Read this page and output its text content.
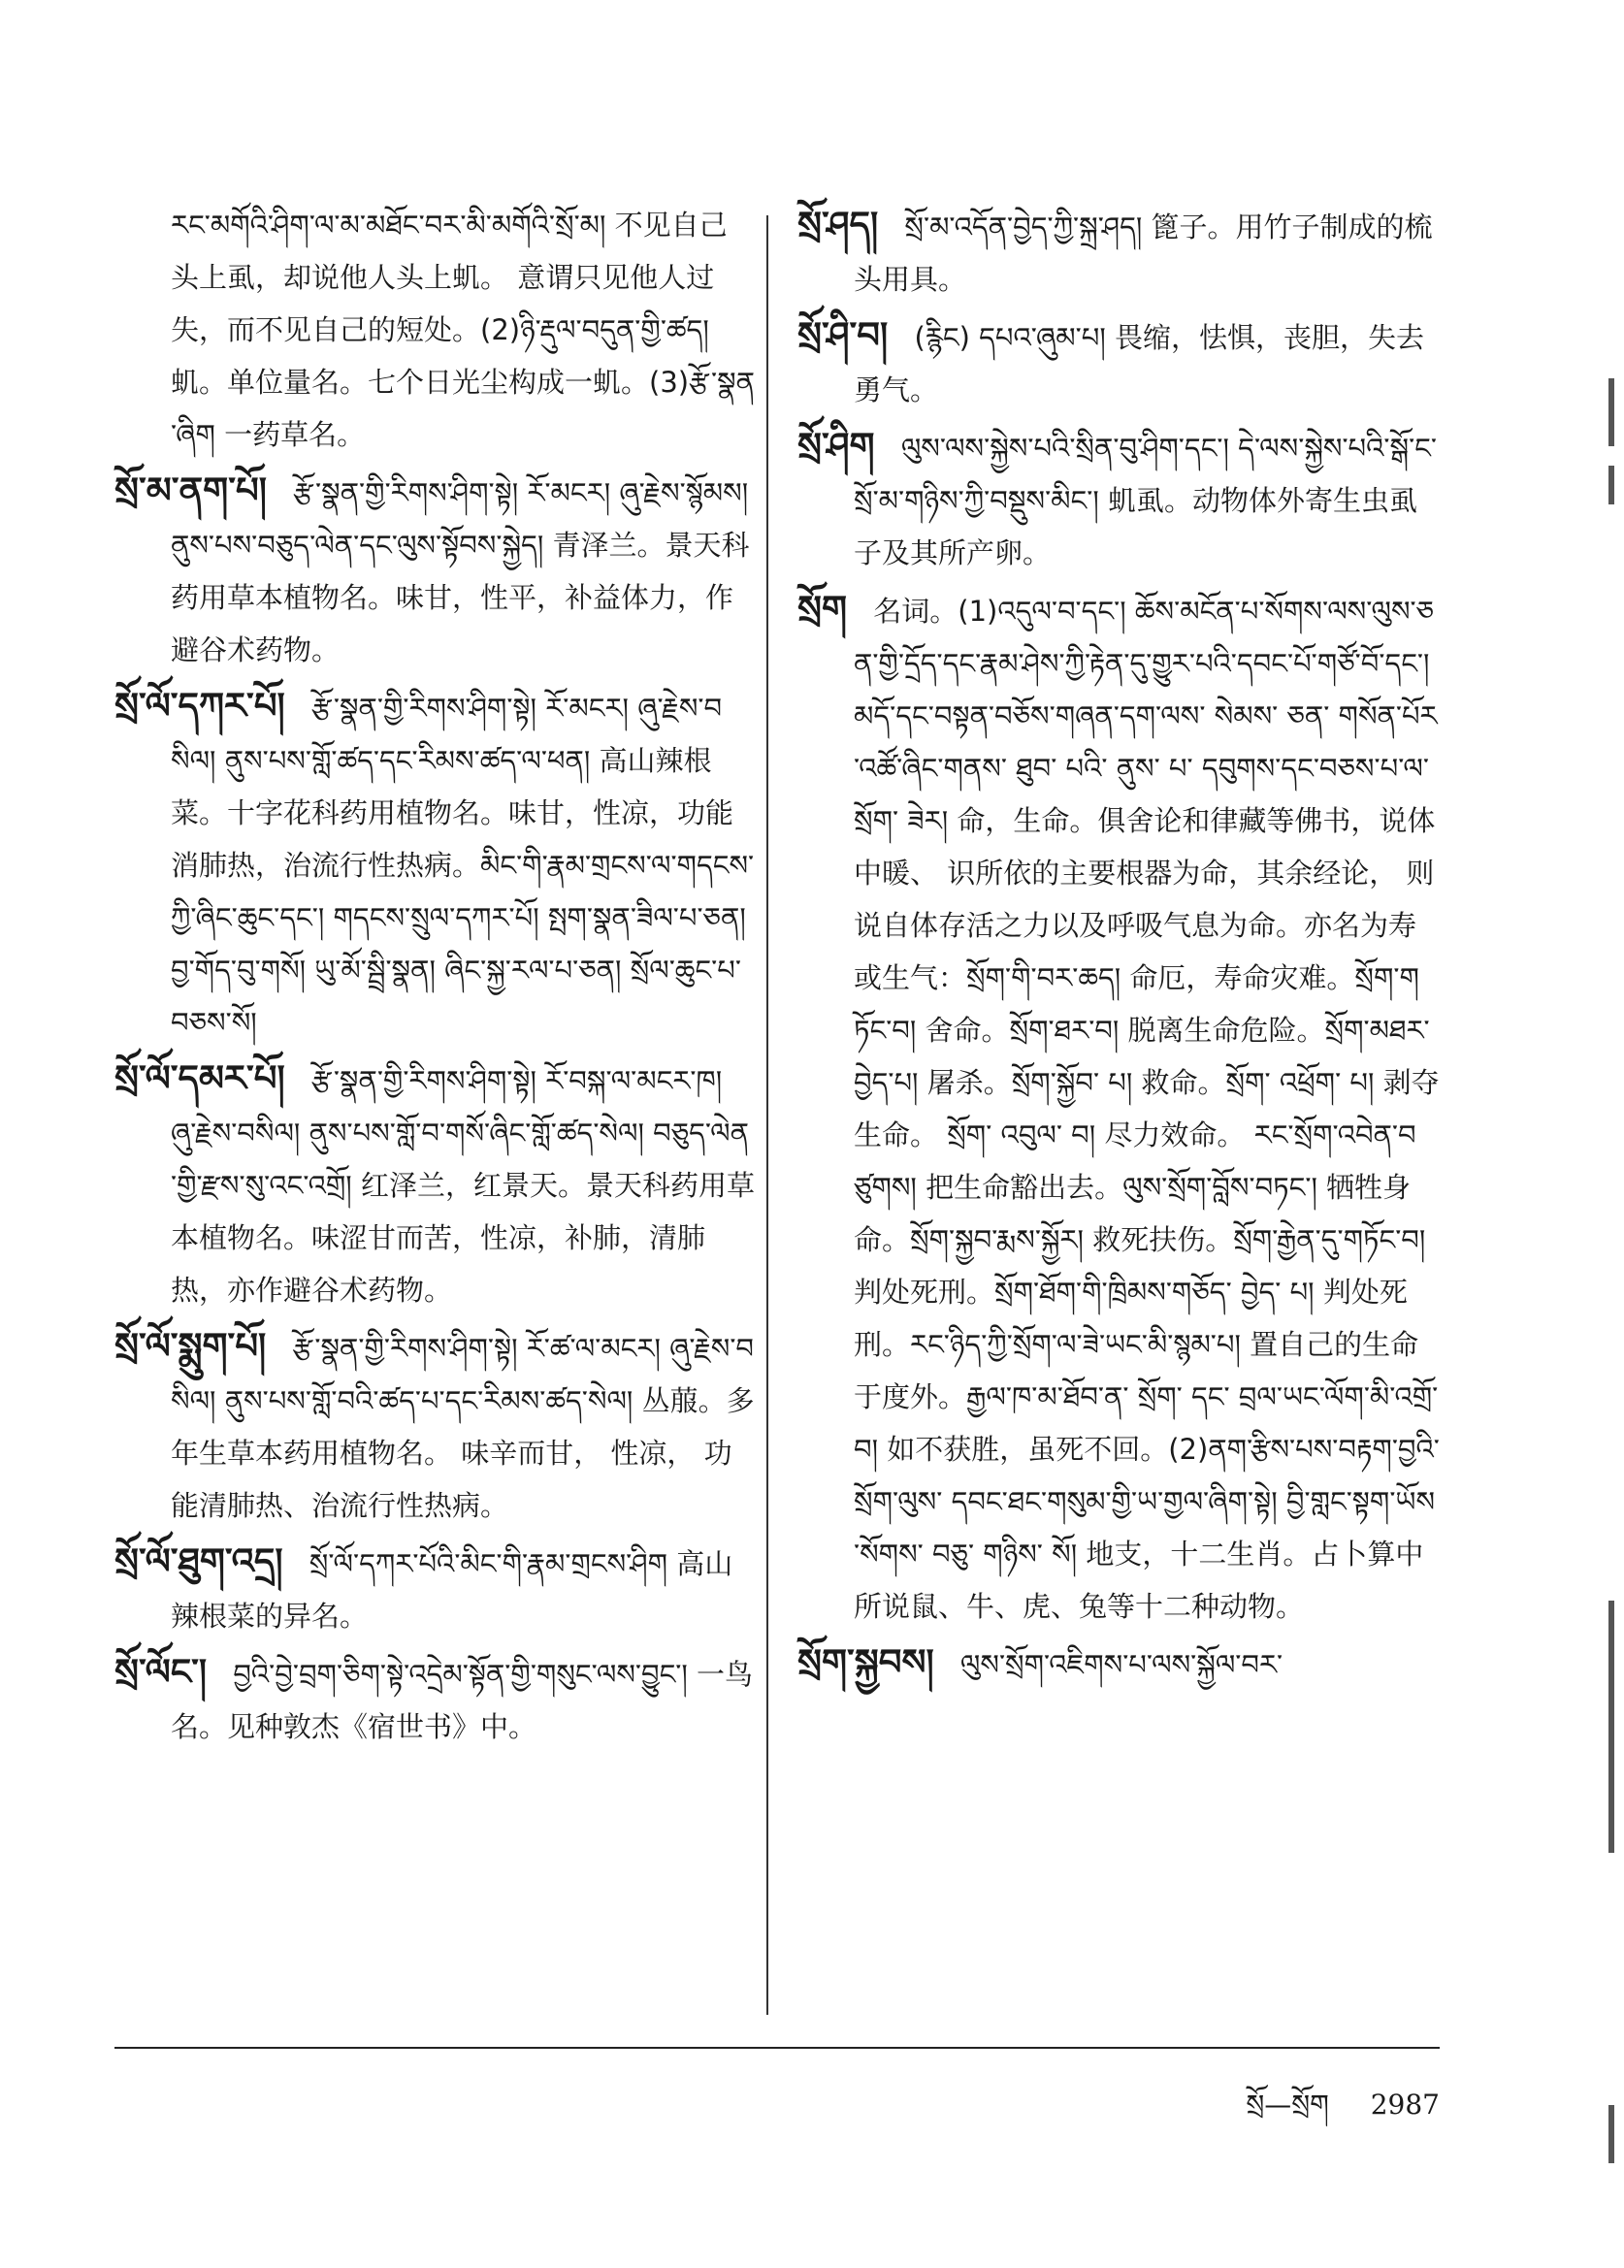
རང་མགོའི་ཤིག་ལ་མ་མཐོང་བར་མི་མགོའི་སྲོ་མ། 不见自己头上虱，却说他人头上虮。 意谓只见他人过失，而不见自己的短处。(2)ཉི་རྡུལ་བདུན་གྱི་ཚད། 虮。单位量名。七个日光尘构成一虮。(3)རྩོ་སྣན་ཞིག 一药草名。

སྲོ་མ་ནག་པོ། རྩོ་སྣན་གྱི་རིགས་ཤིག་སྟེ། རོ་མངར། ཞུ་རྗེས་སྙོམས། ནུས་པས་བཅུད་ལེན་དང་ལུས་སྟོབས་སྐྱེད། 青泽兰。景天科药用草本植物名。味甘，性平，补益体力，作避谷术药物。

སྲོ་ལོ་དཀར་པོ། རྩོ་སྣན་གྱི་རིགས་ཤིག་སྟེ། རོ་མངར། ཞུ་རྗེས་བསིལ། ནུས་པས་གློ་ཚད་དང་རིམས་ཚད་ལ་ཕན། 高山辣根菜。十字花科药用植物名。味甘，性凉，功能消肺热，治流行性热病。མིང་གི་རྣམ་གྲངས་ལ་གདངས་ཀྱི་ཞིང་ཆུང་དང་། གདངས་སྲུལ་དཀར་པོ། སྤག་སྣན་ཟིལ་པ་ཅན། བྱ་གོད་བུ་གསོ། ཡུ་མོ་སྦྲི་སྣན། ཞིང་སྐྱ་རལ་པ་ཅན། སྲོལ་ཆུང་པ་བཅས་སོ།

སྲོ་ལོ་དམར་པོ། རྩོ་སྣན་གྱི་རིགས་ཤིག་སྟེ། རོ་བསྐ་ལ་མངར་ཁ། ཞུ་རྗེས་བསིལ། ནུས་པས་གློ་བ་གསོ་ཞིང་གློ་ཚད་སེལ། བཅུད་ལེན་གྱི་རྫས་སུ་འང་འགྲོ། 红泽兰，红景天。景天科药用草本植物名。味涩甘而苦，性凉，补肺，清肺热，亦作避谷术药物。

སྲོ་ལོ་སྨུག་པོ། རྩོ་སྣན་གྱི་རིགས་ཤིག་སྟེ། རོ་ཚ་ལ་མངར། ཞུ་རྗེས་བསིལ། ནུས་པས་གློ་བའི་ཚད་པ་དང་རིམས་ཚད་སེལ། 丛菔。多年生草本药用植物名。 味辛而甘， 性凉， 功能清肺热、治流行性热病。

སྲོ་ལོ་ཐུག་འདྲ། སྲོ་ལོ་དཀར་པོའི་མིང་གི་རྣམ་གྲངས་ཤིག 高山辣根菜的异名。

སྲོ་ལོང་། བྱའི་བྱེ་བྲག་ཅིག་སྟེ་འདྲེམ་སྟོན་གྱི་གསུང་ལས་བྱུང་། 一鸟名。见种敦杰《宿世书》中。

སྲོ་ཤད། སྲོ་མ་འདོན་བྱེད་ཀྱི་སྐྲ་ཤད། 篦子。用竹子制成的梳头用具。

སྲོ་ཤི་བ། (རྙིང) དཔའ་ཞུམ་པ། 畏缩，怯惧，丧胆，失去勇气。

སྲོ་ཤིག ལུས་ལས་སྐྱེས་པའི་སྲིན་བུ་ཤིག་དང་། དེ་ལས་སྐྱེས་པའི་སྒོ་ང་སྲོ་མ་གཉིས་ཀྱི་བསྡུས་མིང་། 虮虱。动物体外寄生虫虱子及其所产卵。

སྲོག 名词。(1)འདུལ་བ་དང་། ཆོས་མངོན་པ་སོགས་ལས་ལུས་ཅན་གྱི་དྲོད་དང་རྣམ་ཤེས་ཀྱི་རྟེན་དུ་གྱུར་པའི་དབང་པོ་གཙོ་བོ་དང་། མདོ་དང་བསྟན་བཅོས་གཞན་དག་ལས་ སེམས་ ཅན་ གསོན་པོར་འཚོ་ཞིང་གནས་ ཐུབ་ པའི་ ནུས་ པ་ དབུགས་དང་བཅས་པ་ལ་ སྲོག་ ཟེར། 命，生命。俱舍论和律藏等佛书，说体中暖、 识所依的主要根器为命，其余经论， 则说自体存活之力以及呼吸气息为命。亦名为寿或生气：སྲོག་གི་བར་ཆད། 命厄，寿命灾难。སྲོག་གཏོང་བ། 舍命。སྲོག་ཐར་བ། 脱离生命危险。སྲོག་མཐར་བྱེད་པ། 屠杀。སྲོག་སྐྱོབ་ པ། 救命。སྲོག་ འཕྲོག་ པ། 剥夺生命。 སྲོག་ འབུལ་ བ། 尽力效命。 རང་སྲོག་འབེན་བཙུགས། 把生命豁出去。ལུས་སྲོག་བློས་བཏང་། 牺牲身命。སྲོག་སྐྱབ་རྨས་སྐྱོར། 救死扶伤。སྲོག་རྒྱེན་དུ་གཏོང་བ། 判处死刑。སྲོག་ཐོག་གི་ཁྲིམས་གཅོད་ བྱེད་ པ། 判处死刑。རང་ཉིད་ཀྱི་སྲོག་ལ་ཟེ་ཡང་མི་སྙམ་པ། 置自己的生命于度外。རྒྱལ་ཁ་མ་ཐོབ་ན་ སྲོག་ དང་ བྲལ་ཡང་ལོག་མི་འགྲོ་བ། 如不获胜，虽死不回。(2)ནག་རྩིས་པས་བརྟག་བྱའི་སྲོག་ལུས་ དབང་ཐང་གསུམ་གྱི་ཡ་གྱལ་ཞིག་སྟེ། བྱི་གླང་སྟག་ཡོས་སོགས་ བཅུ་ གཉིས་ སོ། 地支，十二生肖。占卜算中所说鼠、牛、虎、兔等十二种动物。

སྲོག་སྐྱབས། ལུས་སྲོག་འཇིགས་པ་ལས་སྐྱོལ་བར་

སྲོ—སྲོག 2987
